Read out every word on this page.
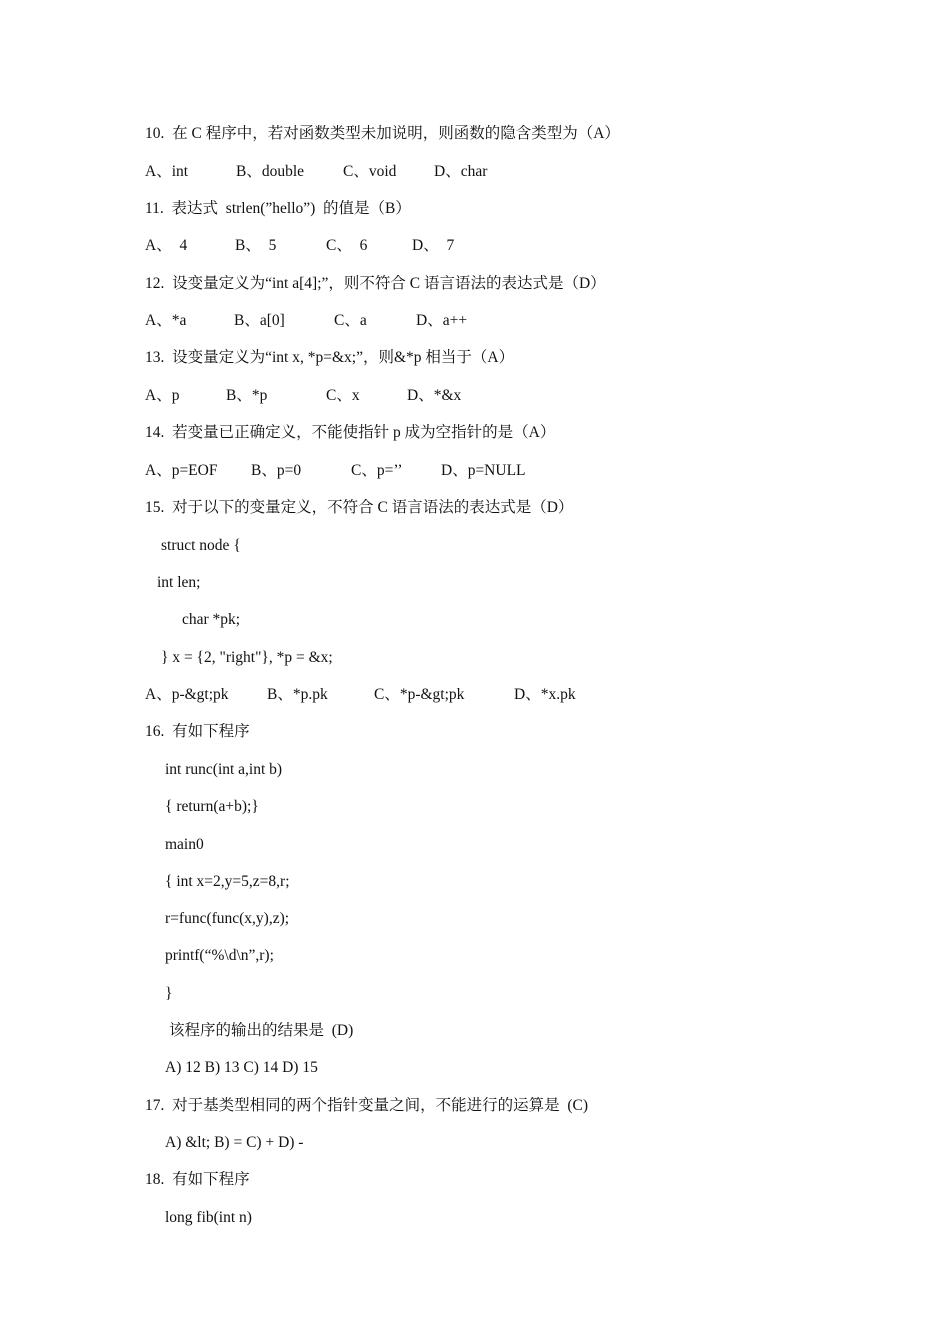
10.  在 C 程序中，若对函数类型未加说明，则函数的隐含类型为（A）

A、int

	B、double

	C、void

D、char

11.  表达式  strlen(”hello”)  的值是（B）

A、  4

	B、  5

	C、  6

	D、  7

12.  设变量定义为“int a[4];”，则不符合 C 语言语法的表达式是（D）

A、*a

	B、a[0]

	C、a

	D、a++

13.  设变量定义为“int x, *p=&x;”，则&*p 相当于（A）

A、p

	B、*p

	C、x

	D、*&x

14.  若变量已正确定义，不能使指针 p 成为空指针的是（A）

A、p=EOF

B、p=0

	C、p=’’

D、p=NULL

15.  对于以下的变量定义，不符合 C 语言语法的表达式是（D）
struct node {
int len;
char *pk;
} x = {2, "right"}, *p = &x;

A、p-&gt;pk

B、*p.pk

	C、*p-&gt;pk

	D、*x.pk

16.  有如下程序
int runc(int a,int b)
{ return(a+b);}
main0
{ int x=2,y=5,z=8,r;
r=func(func(x,y),z);
printf(“%\d\n”,r);
}
该程序的输出的结果是  (D)
A) 12 B) 13 C) 14 D) 15
17.  对于基类型相同的两个指针变量之间，不能进行的运算是  (C)
A) &lt; B) = C) + D) -
18.  有如下程序
long fib(int n)
